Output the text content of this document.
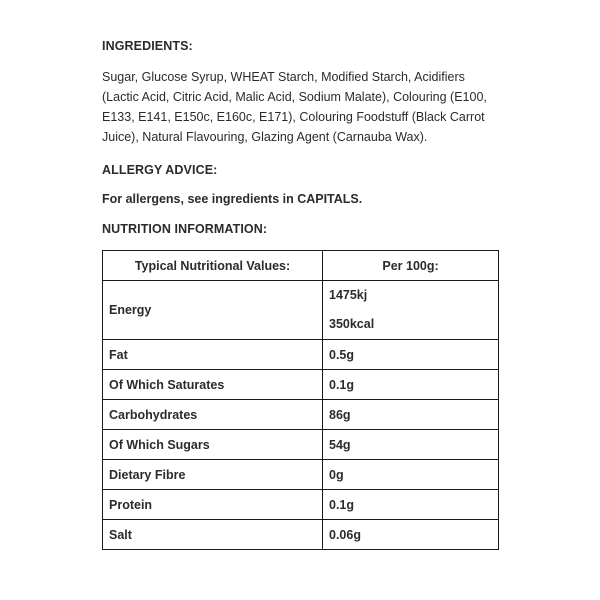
INGREDIENTS:

Sugar, Glucose Syrup, WHEAT Starch, Modified Starch, Acidifiers (Lactic Acid, Citric Acid, Malic Acid, Sodium Malate), Colouring (E100, E133, E141, E150c, E160c, E171), Colouring Foodstuff (Black Carrot Juice), Natural Flavouring, Glazing Agent (Carnauba Wax).

ALLERGY ADVICE:

For allergens, see ingredients in CAPITALS.

NUTRITION INFORMATION:
Typical Nutritional Values:	Per 100g:
Energy	1475kj
350kcal

Fat	0.5g
Of Which Saturates	0.1g
Carbohydrates	86g
Of Which Sugars	54g
Dietary Fibre	0g
Protein	0.1g
Salt	0.06g
